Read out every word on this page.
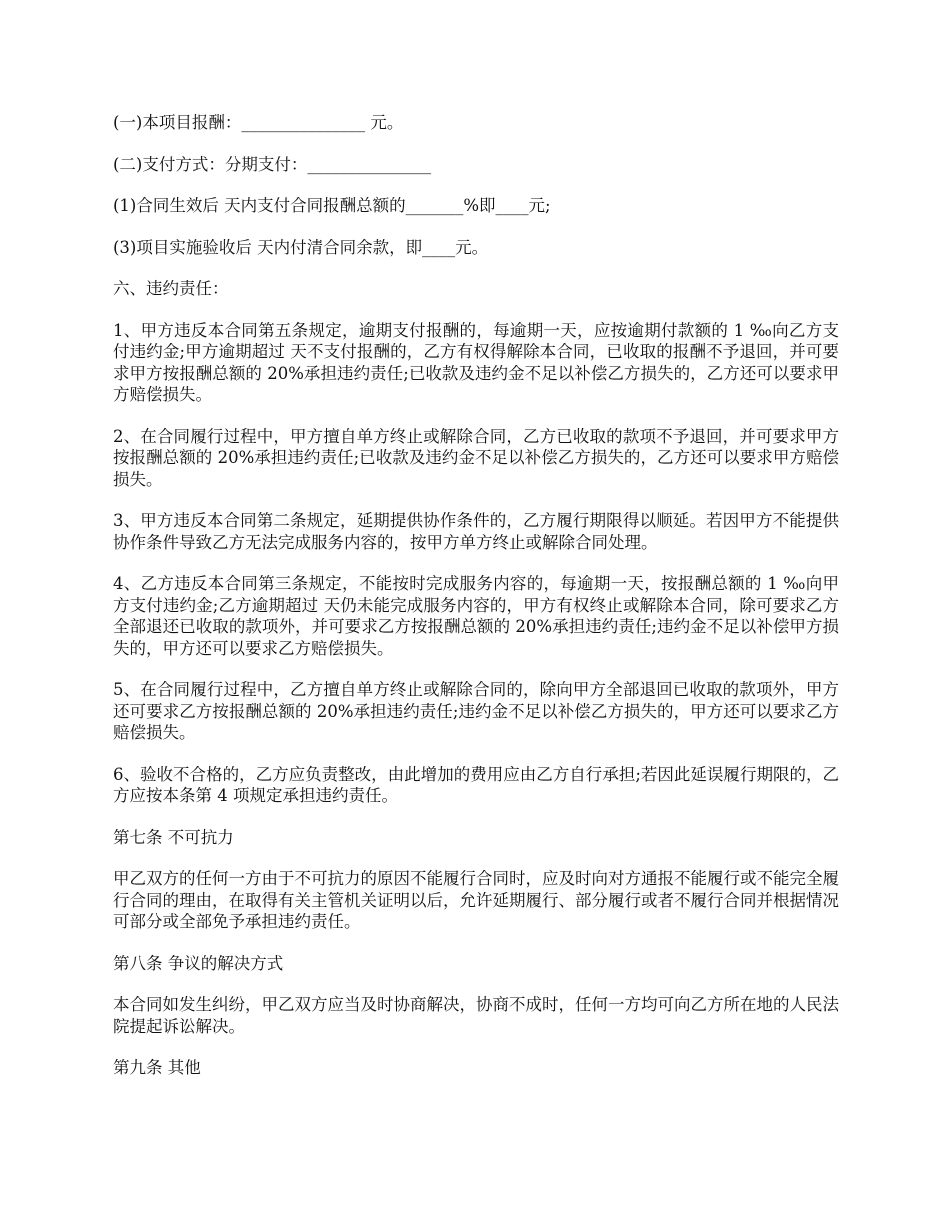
(一)本项目报酬：_______________ 元。

(二)支付方式：分期支付：_______________

(1)合同生效后 天内支付合同报酬总额的_______%即____元;

(3)项目实施验收后 天内付清合同余款，即____元。

六、违约责任：

1、甲方违反本合同第五条规定，逾期支付报酬的，每逾期一天，应按逾期付款额的 1 ‰向乙方支付违约金;甲方逾期超过 天不支付报酬的，乙方有权得解除本合同，已收取的报酬不予退回，并可要求甲方按报酬总额的 20%承担违约责任;已收款及违约金不足以补偿乙方损失的，乙方还可以要求甲方赔偿损失。

2、在合同履行过程中，甲方擅自单方终止或解除合同，乙方已收取的款项不予退回，并可要求甲方按报酬总额的 20%承担违约责任;已收款及违约金不足以补偿乙方损失的，乙方还可以要求甲方赔偿损失。

3、甲方违反本合同第二条规定，延期提供协作条件的，乙方履行期限得以顺延。若因甲方不能提供协作条件导致乙方无法完成服务内容的，按甲方单方终止或解除合同处理。

4、乙方违反本合同第三条规定，不能按时完成服务内容的，每逾期一天，按报酬总额的 1 ‰向甲方支付违约金;乙方逾期超过 天仍未能完成服务内容的，甲方有权终止或解除本合同，除可要求乙方全部退还已收取的款项外，并可要求乙方按报酬总额的 20%承担违约责任;违约金不足以补偿甲方损失的，甲方还可以要求乙方赔偿损失。

5、在合同履行过程中，乙方擅自单方终止或解除合同的，除向甲方全部退回已收取的款项外，甲方还可要求乙方按报酬总额的 20%承担违约责任;违约金不足以补偿乙方损失的，甲方还可以要求乙方赔偿损失。

6、验收不合格的，乙方应负责整改，由此增加的费用应由乙方自行承担;若因此延误履行期限的，乙方应按本条第 4 项规定承担违约责任。

第七条 不可抗力

甲乙双方的任何一方由于不可抗力的原因不能履行合同时，应及时向对方通报不能履行或不能完全履行合同的理由，在取得有关主管机关证明以后，允许延期履行、部分履行或者不履行合同并根据情况可部分或全部免予承担违约责任。

第八条 争议的解决方式

本合同如发生纠纷，甲乙双方应当及时协商解决，协商不成时，任何一方均可向乙方所在地的人民法院提起诉讼解决。

第九条 其他
